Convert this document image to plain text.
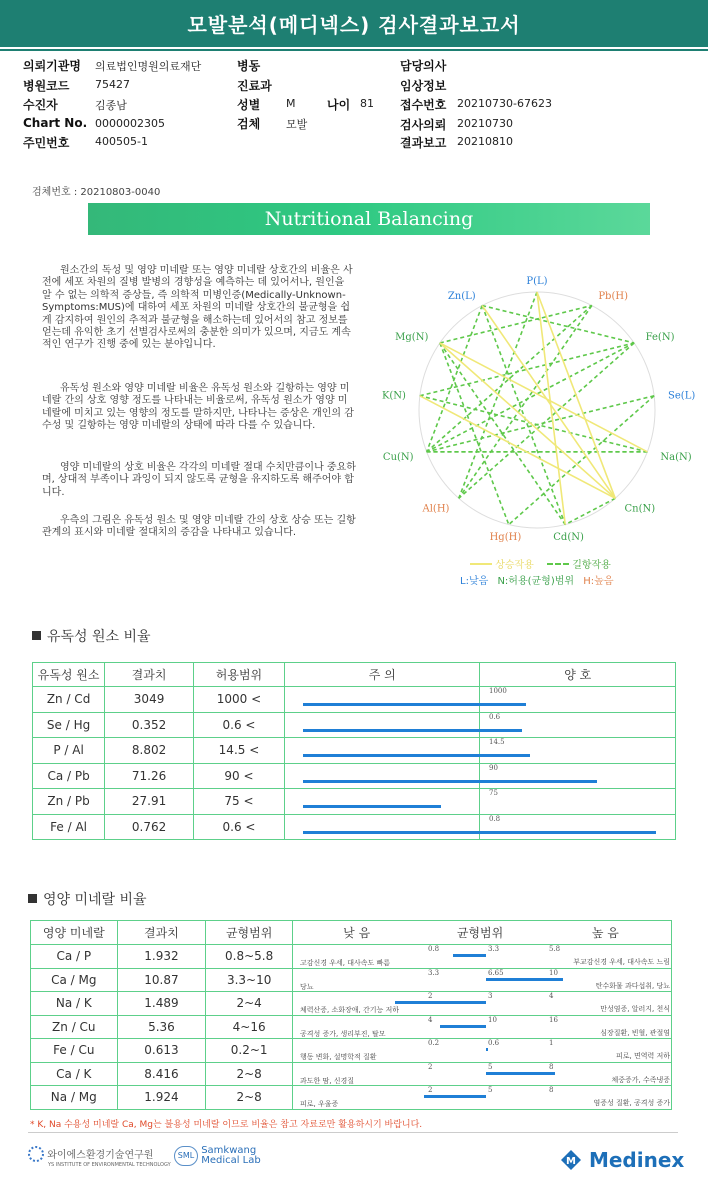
모발분석(메디넥스) 검사결과보고서
의뢰기관명 의료법인명원의료재단
병원코드 75427
수진자	김종남
Chart No. 0000002305
주민번호 400505-1
병동
진료과
성별 M	나이 81
검체 모발
담당의사
임상정보
접수번호 20210730-67623
검사의뢰 20210730
결과보고 20210810
검체번호 : 20210803-0040
Nutritional Balancing

원소간의 독성 및 영양 미네랄 또는 영양 미네랄 상호간의 비율은 사전에 세포 차원의 질병 발병의 경향성을 예측하는 데 있어서나, 원인을 알 수 없는 의학적 증상들, 즉 의학적 미병인증(Medically-Unknown-Symptoms:MUS)에 대하여 세포 차원의 미네랄 상호간의 불균형을 쉽게 감지하여 원인의 추적과 불균형을 해소하는데 있어서의 참고 정보를 얻는데 유익한 초기 선별검사로써의 충분한 의미가 있으며, 지금도 계속적인 연구가 진행 중에 있는 분야입니다.

유독성 원소와 영양 미네랄 비율은 유독성 원소와 길항하는 영양 미네랄 간의 상호 영향 정도를 나타내는 비율로써, 유독성 원소가 영양 미네랄에 미치고 있는 영향의 정도를 말하지만, 나타나는 증상은 개인의 감수성 및 길항하는 영양 미네랄의 상태에 따라 다를 수 있습니다.

영양 미네랄의 상호 비율은 각각의 미네랄 절대 수치만큼이나 중요하며, 상대적 부족이나 과잉이 되지 않도록 균형을 유지하도록 해주어야 합니다.

우측의 그림은 유독성 원소 및 영양 미네랄 간의 상호 상승 또는 길항 관계의 표시와 미네랄 절대치의 증감을 나타내고 있습니다.

P(L)
Pb(H)
Fe(N)
Se(L)
Na(N)
Cn(N)
Cd(N)
Hg(H)
Al(H)
Cu(N)
K(N)
Mg(N)
Zn(L)
상승작용	길항작용
L:낮음 N:허용(균형)범위 H:높음
유독성 원소 비율
유독성 원소	결과치	허용범위	주 의	양 호
Zn / Cd	3049	1000 <		
Se / Hg	0.352	0.6 <		
P / Al	8.802	14.5 <		
Ca / Pb	71.26	90 <		
Zn / Pb	27.91	75 <		
Fe / Al	0.762	0.6 <		
1000
0.6
14.5
90
75
0.8
영양 미네랄 비율
영양 미네랄	결과치	균형범위	낮 음	균형범위	높 음
Ca / P	1.932	0.8~5.8			
Ca / Mg	10.87	3.3~10			
Na / K	1.489	2~4			
Zn / Cu	5.36	4~16			
Fe / Cu	0.613	0.2~1			
Ca / K	8.416	2~8			
Na / Mg	1.924	2~8			
0.8	3.3	5.8
고감신경 우세, 대사속도 빠름	부교감신경 우세, 대사속도 느림
3.3	6.65	10
당뇨	탄수화물 과다섭취, 당뇨
2	3	4
체력산증, 소화장애, 간기능 저하	만성염증, 알러지, 천식
4	10	16
공격성 증가, 생리부진, 탈모	심장질환, 빈혈, 관절염
0.2	0.6	1
행동 변화, 설명학적 질환	피로, 면역력 저하
2	5	8
과도한 땀, 신경질	체중증가, 수족냉증
2	5	8
피로, 우울증	염증성 질환, 공격성 증가
* K, Na 수용성 미네랄 Ca, Mg는 불용성 미네랄 이므로 비율은 참고 자료로만 활용하시기 바랍니다.
와이에스환경기술연구원
YS INSTITUTE OF ENVIRONMENTAL TECHNOLOGY
SML Samkwang
Medical Lab	M Medinex
